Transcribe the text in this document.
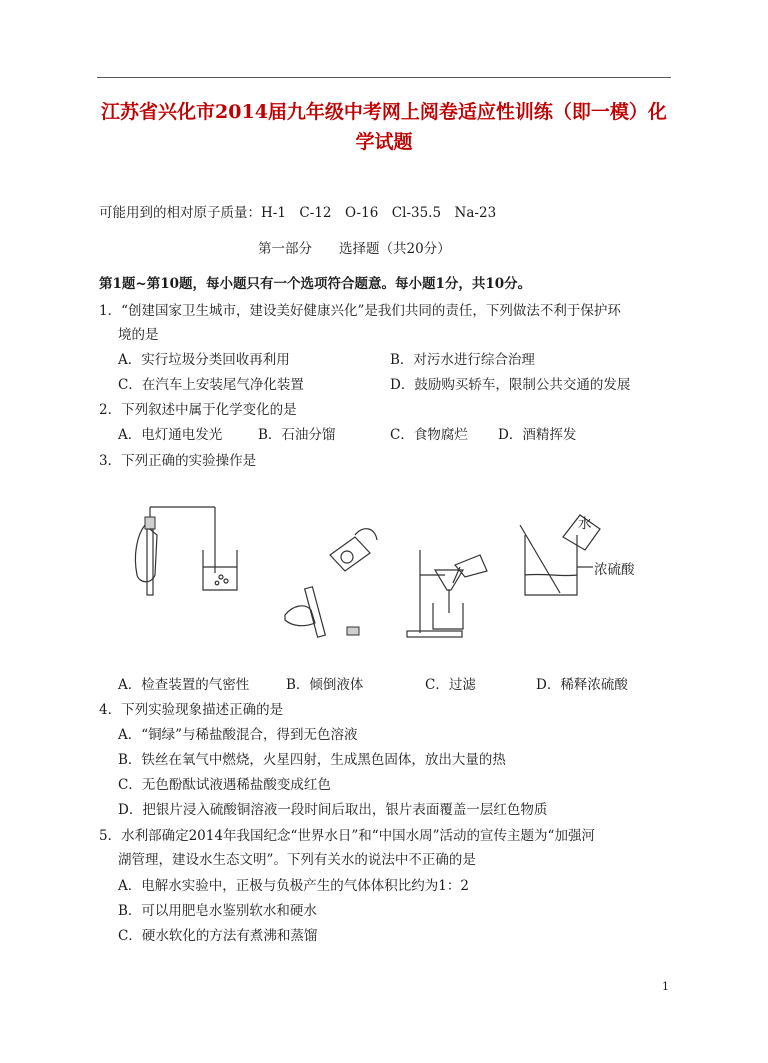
江苏省兴化市2014届九年级中考网上阅卷适应性训练（即一模）化
学试题
可能用到的相对原子质量：H-1　C-12　O-16　Cl-35.5　Na-23
第一部分　　选择题（共20分）
第1题~第10题，每小题只有一个选项符合题意。每小题1分，共10分。
1．“创建国家卫生城市，建设美好健康兴化”是我们共同的责任，下列做法不利于保护环
境的是
A．实行垃圾分类回收再利用	B．对污水进行综合治理
C．在汽车上安装尾气净化装置	D．鼓励购买轿车，限制公共交通的发展
2．下列叙述中属于化学变化的是
A．电灯通电发光	B．石油分馏	C．食物腐烂 D．酒精挥发
3．下列正确的实验操作是
水
浓硫酸
A．检查装置的气密性	B．倾倒液体	C．过滤	D．稀释浓硫酸
4．下列实验现象描述正确的是
A．“铜绿”与稀盐酸混合，得到无色溶液
B．铁丝在氧气中燃烧，火星四射，生成黑色固体，放出大量的热
C．无色酚酞试液遇稀盐酸变成红色
D．把银片浸入硫酸铜溶液一段时间后取出，银片表面覆盖一层红色物质
5．水利部确定2014年我国纪念“世界水日”和“中国水周”活动的宣传主题为“加强河
湖管理，建设水生态文明”。下列有关水的说法中不正确的是
A．电解水实验中，正极与负极产生的气体体积比约为1：2
B．可以用肥皂水鉴别软水和硬水
C．硬水软化的方法有煮沸和蒸馏
1
